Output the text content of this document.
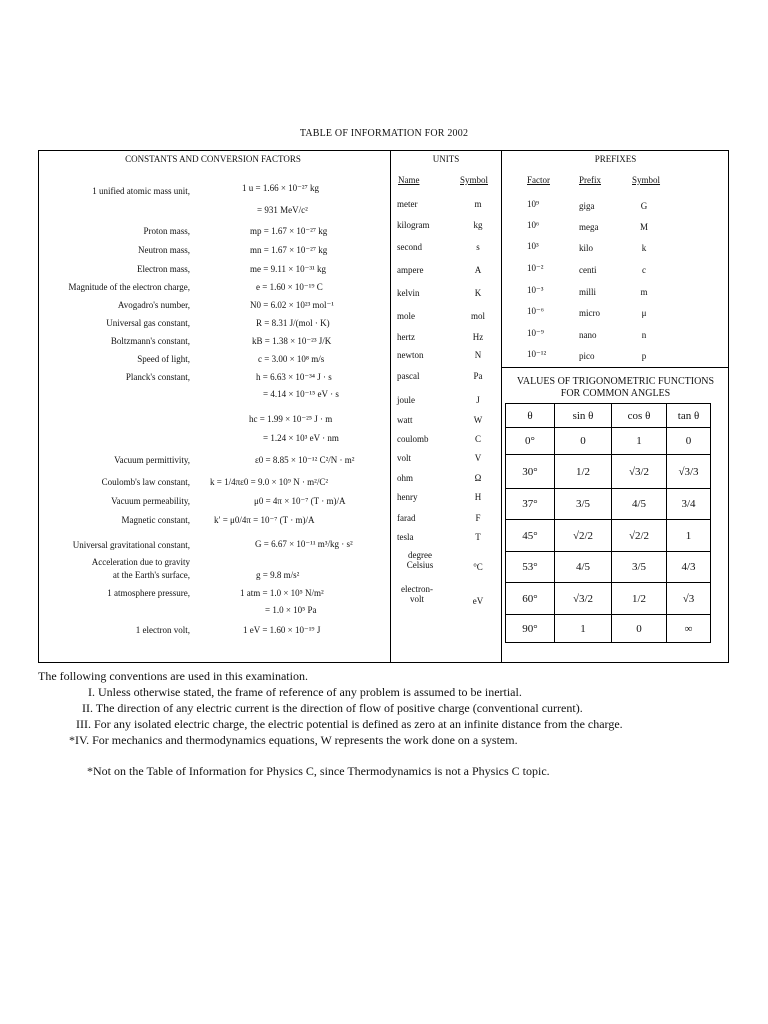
TABLE OF INFORMATION FOR 2002
CONSTANTS AND CONVERSION FACTORS	UNITS	PREFIXES
Name	Symbol	Factor	Prefix	Symbol
1 unified atomic mass unit,	1 u = 1.66 × 10⁻²⁷ kg
= 931 MeV/c²
Proton mass,	mp = 1.67 × 10⁻²⁷ kg
Neutron mass,	mn = 1.67 × 10⁻²⁷ kg
Electron mass,	me = 9.11 × 10⁻³¹ kg
Magnitude of the electron charge,	e = 1.60 × 10⁻¹⁹ C
Avogadro's number,	N0 = 6.02 × 10²³ mol⁻¹
Universal gas constant,	R = 8.31 J/(mol · K)
Boltzmann's constant,	kB = 1.38 × 10⁻²³ J/K
Speed of light,	c = 3.00 × 10⁸ m/s
Planck's constant,	h = 6.63 × 10⁻³⁴ J · s
= 4.14 × 10⁻¹⁵ eV · s
hc = 1.99 × 10⁻²⁵ J · m
= 1.24 × 10³ eV · nm
Vacuum permittivity,	ε0 = 8.85 × 10⁻¹² C²/N · m²
Coulomb's law constant, k = 1/4πε0 = 9.0 × 10⁹ N · m²/C²
Vacuum permeability,	μ0 = 4π × 10⁻⁷ (T · m)/A
Magnetic constant,	k′ = μ0/4π = 10⁻⁷ (T · m)/A
Universal gravitational constant,	G = 6.67 × 10⁻¹¹ m³/kg · s²
Acceleration due to gravity
at the Earth's surface,	g = 9.8 m/s²
1 atmosphere pressure,	1 atm = 1.0 × 10⁵ N/m²
= 1.0 × 10⁵ Pa
1 electron volt,	1 eV = 1.60 × 10⁻¹⁹ J
meter	m
kilogram	kg
second	s
ampere	A
kelvin	K
mole	mol
hertz	Hz
newton	N
pascal	Pa
joule	J
watt	W
coulomb	C
volt	V
ohm	Ω
henry	H
farad	F
tesla	T
degree Celsius	°C
electron-volt	eV
10⁹	giga	G
10⁶	mega	M
10³	kilo	k
10⁻²	centi	c
10⁻³	milli	m
10⁻⁶	micro	μ
10⁻⁹	nano	n
10⁻¹²	pico	p
VALUES OF TRIGONOMETRIC FUNCTIONS
FOR COMMON ANGLES
θ	sin θ	cos θ	tan θ
0°	0	1	0
30°	1/2	√3/2	√3/3
37°	3/5	4/5	3/4
45°	√2/2	√2/2	1
53°	4/5	3/5	4/3
60°	√3/2	1/2	√3
90°	1	0	∞
The following conventions are used in this examination.
I. Unless otherwise stated, the frame of reference of any problem is assumed to be inertial.
II. The direction of any electric current is the direction of flow of positive charge (conventional current).
III. For any isolated electric charge, the electric potential is defined as zero at an infinite distance from the charge.
*IV. For mechanics and thermodynamics equations, W represents the work done on a system.
*Not on the Table of Information for Physics C, since Thermodynamics is not a Physics C topic.
